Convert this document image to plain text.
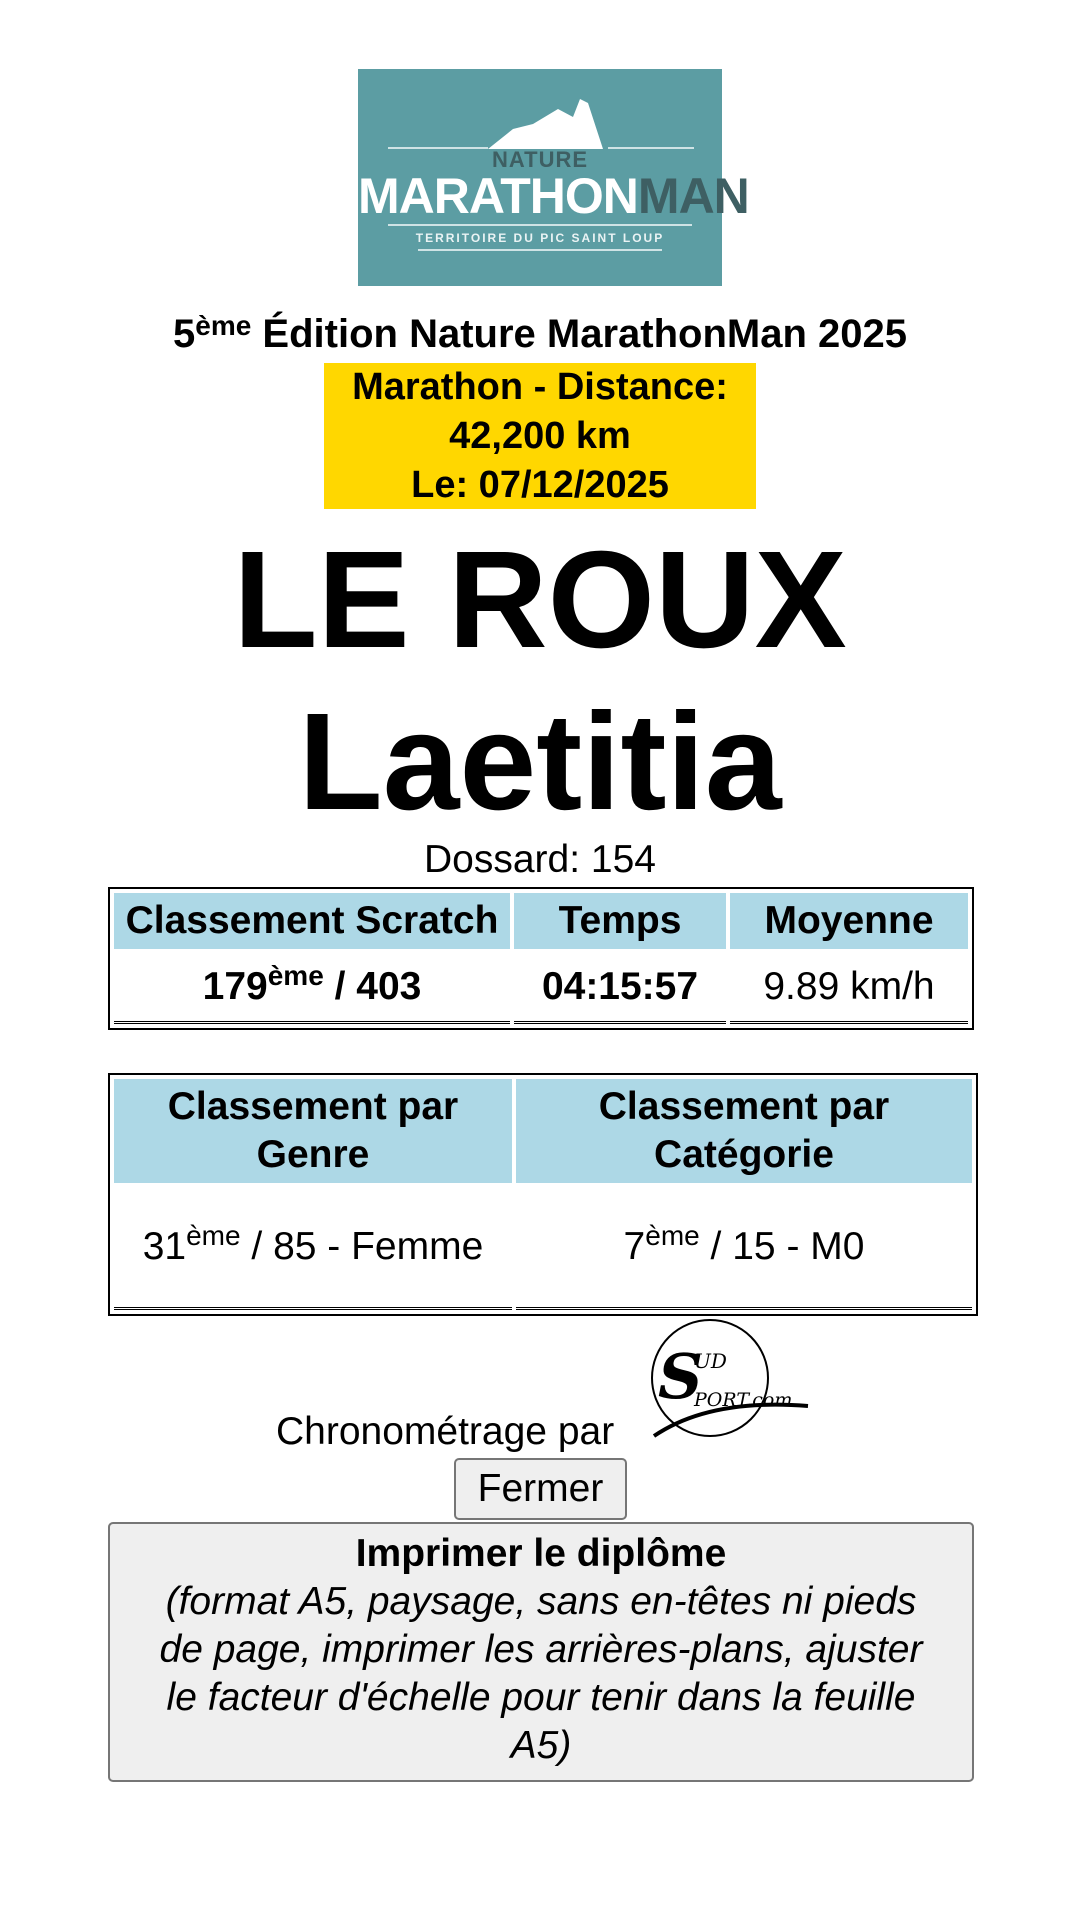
NATURE
MARATHONMAN
TERRITOIRE DU PIC SAINT LOUP
5ème Édition Nature MarathonMan 2025
Marathon - Distance:
42,200 km
Le: 07/12/2025
LE ROUX
Laetitia
Dossard: 154
Classement Scratch	Temps	Moyenne
179ème / 403	04:15:57	9.89 km/h
Classement par Genre	Classement par Catégorie
31ème / 85 - Femme	7ème / 15 - M0
Chronométrage par
S
UD
PORT.com
Fermer
Imprimer le diplôme
(format A5, paysage, sans en-têtes ni pieds de page, imprimer les arrières-plans, ajuster le facteur d'échelle pour tenir dans la feuille A5)
